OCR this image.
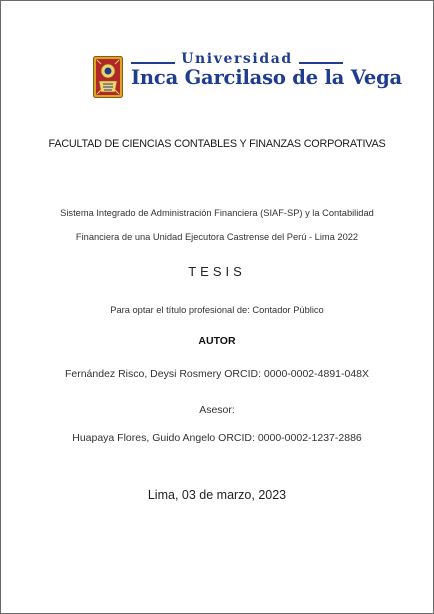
Universidad
Inca Garcilaso de la Vega
FACULTAD DE CIENCIAS CONTABLES Y FINANZAS CORPORATIVAS
Sistema Integrado de Administración Financiera (SIAF-SP) y la Contabilidad
Financiera de una Unidad Ejecutora Castrense del Perú - Lima 2022
TESIS
Para optar el título profesional de: Contador Público
AUTOR
Fernández Risco, Deysi Rosmery ORCID: 0000-0002-4891-048X
Asesor:
Huapaya Flores, Guido Angelo ORCID: 0000-0002-1237-2886
Lima, 03 de marzo, 2023
